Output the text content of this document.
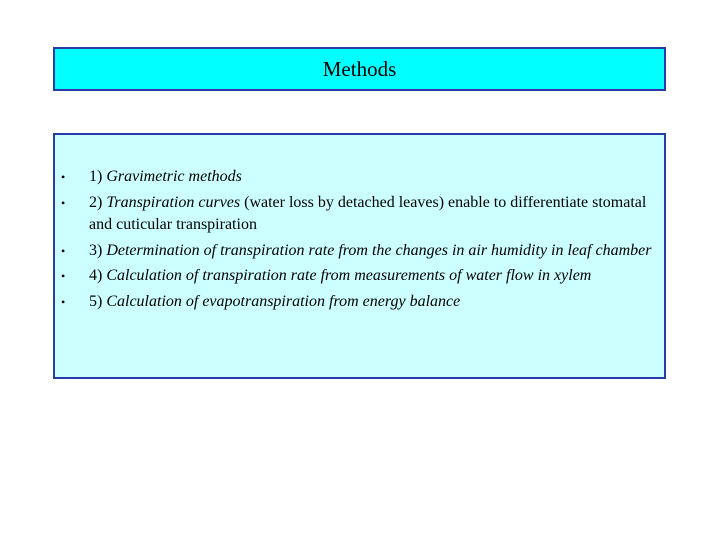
Methods
• 1) Gravimetric methods
• 2) Transpiration curves (water loss by detached leaves) enable to differentiate stomatal and cuticular transpiration
• 3) Determination of transpiration rate from the changes in air humidity in leaf chamber
• 4) Calculation of transpiration rate from measurements of water flow in xylem
• 5) Calculation of evapotranspiration from energy balance
